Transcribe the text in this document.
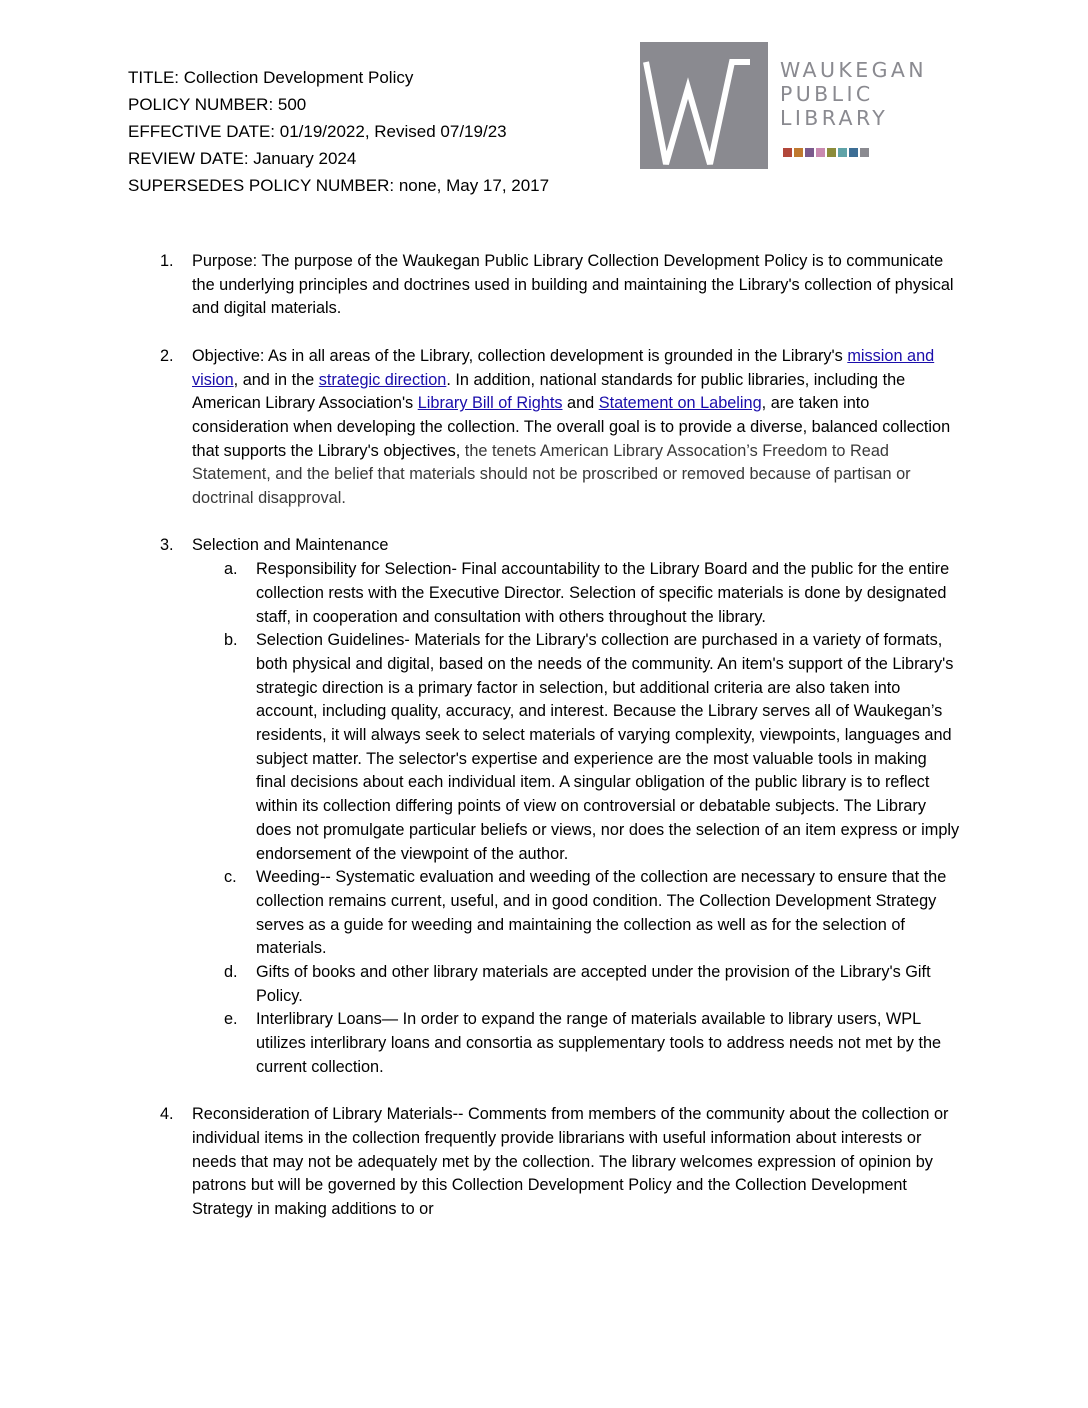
TITLE: Collection Development Policy
POLICY NUMBER: 500
EFFECTIVE DATE: 01/19/2022, Revised 07/19/23
REVIEW DATE: January 2024
SUPERSEDES POLICY NUMBER: none, May 17, 2017
WAUKEGAN
PUBLIC
LIBRARY
1. Purpose: The purpose of the Waukegan Public Library Collection Development Policy is to communicate the underlying principles and doctrines used in building and maintaining the Library's collection of physical and digital materials.
2. Objective: As in all areas of the Library, collection development is grounded in the Library's mission and vision, and in the strategic direction. In addition, national standards for public libraries, including the American Library Association's Library Bill of Rights and Statement on Labeling, are taken into consideration when developing the collection. The overall goal is to provide a diverse, balanced collection that supports the Library's objectives, the tenets American Library Assocation’s Freedom to Read Statement, and the belief that materials should not be proscribed or removed because of partisan or doctrinal disapproval.
3. Selection and Maintenance
a. Responsibility for Selection- Final accountability to the Library Board and the public for the entire collection rests with the Executive Director. Selection of specific materials is done by designated staff, in cooperation and consultation with others throughout the library.
b. Selection Guidelines- Materials for the Library's collection are purchased in a variety of formats, both physical and digital, based on the needs of the community. An item's support of the Library's strategic direction is a primary factor in selection, but additional criteria are also taken into account, including quality, accuracy, and interest. Because the Library serves all of Waukegan’s residents, it will always seek to select materials of varying complexity, viewpoints, languages and subject matter. The selector's expertise and experience are the most valuable tools in making final decisions about each individual item. A singular obligation of the public library is to reflect within its collection differing points of view on controversial or debatable subjects. The Library does not promulgate particular beliefs or views, nor does the selection of an item express or imply endorsement of the viewpoint of the author.
c. Weeding-- Systematic evaluation and weeding of the collection are necessary to ensure that the collection remains current, useful, and in good condition. The Collection Development Strategy serves as a guide for weeding and maintaining the collection as well as for the selection of materials.
d. Gifts of books and other library materials are accepted under the provision of the Library's Gift Policy.
e. Interlibrary Loans— In order to expand the range of materials available to library users, WPL utilizes interlibrary loans and consortia as supplementary tools to address needs not met by the current collection.
4. Reconsideration of Library Materials-- Comments from members of the community about the collection or individual items in the collection frequently provide librarians with useful information about interests or needs that may not be adequately met by the collection. The library welcomes expression of opinion by patrons but will be governed by this Collection Development Policy and the Collection Development Strategy in making additions to or
